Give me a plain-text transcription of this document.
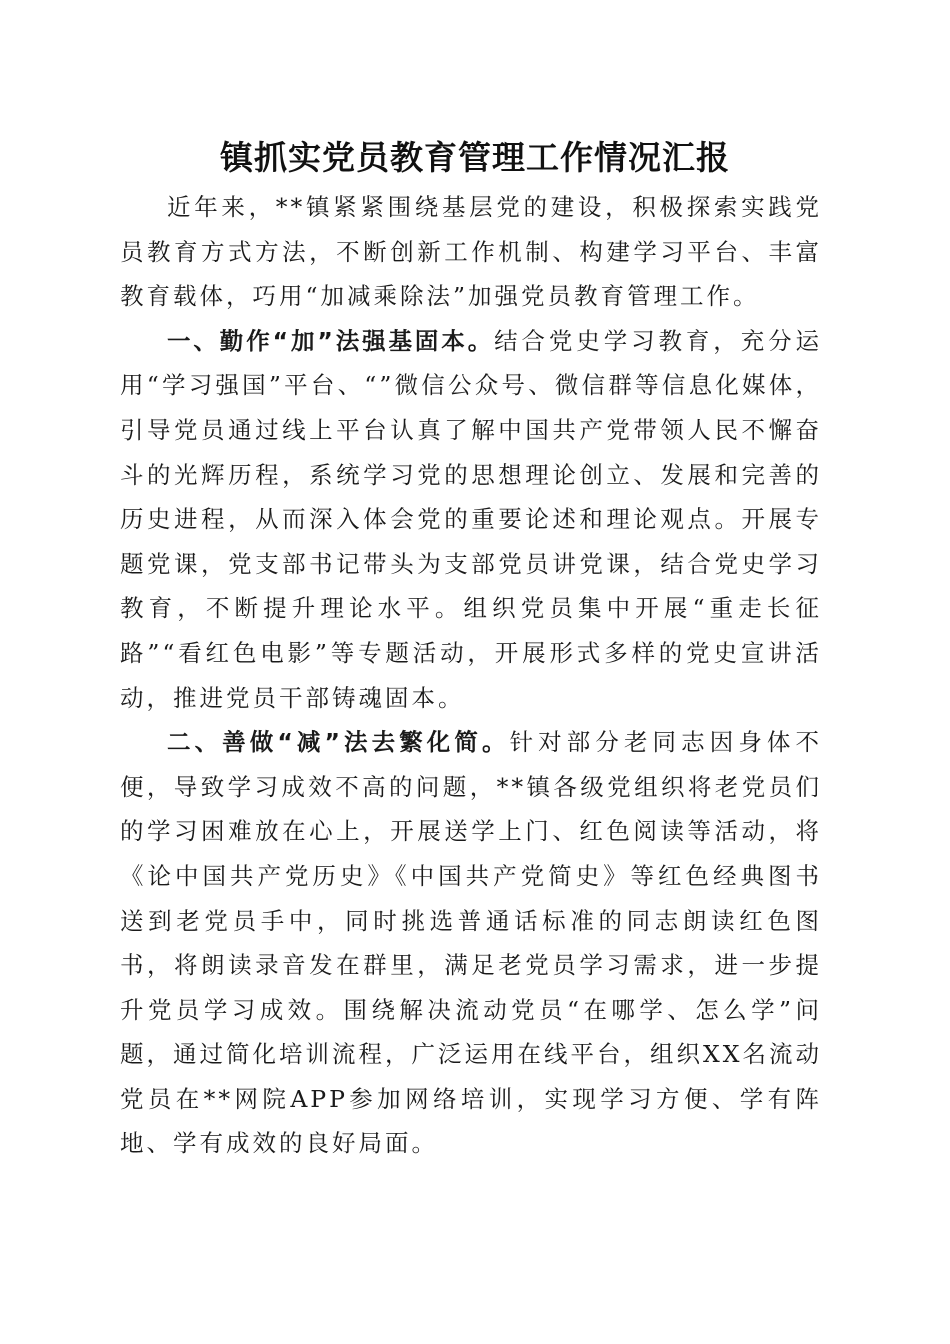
镇抓实党员教育管理工作情况汇报

近年来，**镇紧紧围绕基层党的建设，积极探索实践党员教育方式方法，不断创新工作机制、构建学习平台、丰富教育载体，巧用“加减乘除法”加强党员教育管理工作。

一、勤作“加”法强基固本。结合党史学习教育，充分运用“学习强国”平台、“”微信公众号、微信群等信息化媒体，引导党员通过线上平台认真了解中国共产党带领人民不懈奋斗的光辉历程，系统学习党的思想理论创立、发展和完善的历史进程，从而深入体会党的重要论述和理论观点。开展专题党课，党支部书记带头为支部党员讲党课，结合党史学习教育，不断提升理论水平。组织党员集中开展“重走长征路”“看红色电影”等专题活动，开展形式多样的党史宣讲活动，推进党员干部铸魂固本。

二、善做“减”法去繁化简。针对部分老同志因身体不便，导致学习成效不高的问题，**镇各级党组织将老党员们的学习困难放在心上，开展送学上门、红色阅读等活动，将《论中国共产党历史》《中国共产党简史》等红色经典图书送到老党员手中，同时挑选普通话标准的同志朗读红色图书，将朗读录音发在群里，满足老党员学习需求，进一步提升党员学习成效。围绕解决流动党员“在哪学、怎么学”问题，通过简化培训流程，广泛运用在线平台，组织XX名流动党员在**网院APP参加网络培训，实现学习方便、学有阵地、学有成效的良好局面。
